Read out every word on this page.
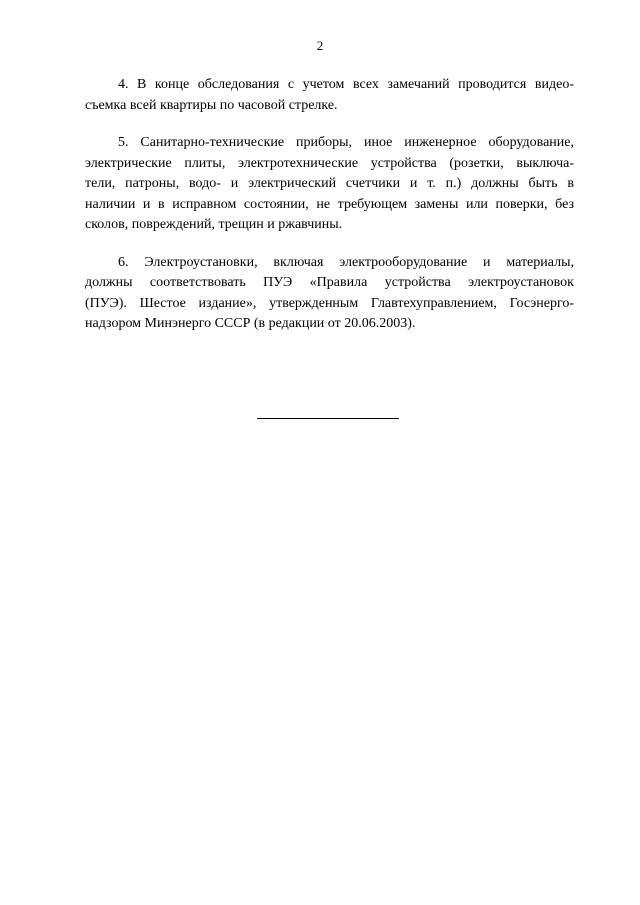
2

4. В конце обследования с учетом всех замечаний проводится видео-
съемка всей квартиры по часовой стрелке.

5. Санитарно-технические приборы, иное инженерное оборудование,
электрические плиты, электротехнические устройства (розетки, выключа-
тели, патроны, водо- и электрический счетчики и т. п.) должны быть в
наличии и в исправном состоянии, не требующем замены или поверки, без
сколов, повреждений, трещин и ржавчины.

6. Электроустановки, включая электрооборудование и материалы,
должны соответствовать ПУЭ «Правила устройства электроустановок
(ПУЭ). Шестое издание», утвержденным Главтехуправлением, Госэнерго-
надзором Минэнерго СССР (в редакции от 20.06.2003).
